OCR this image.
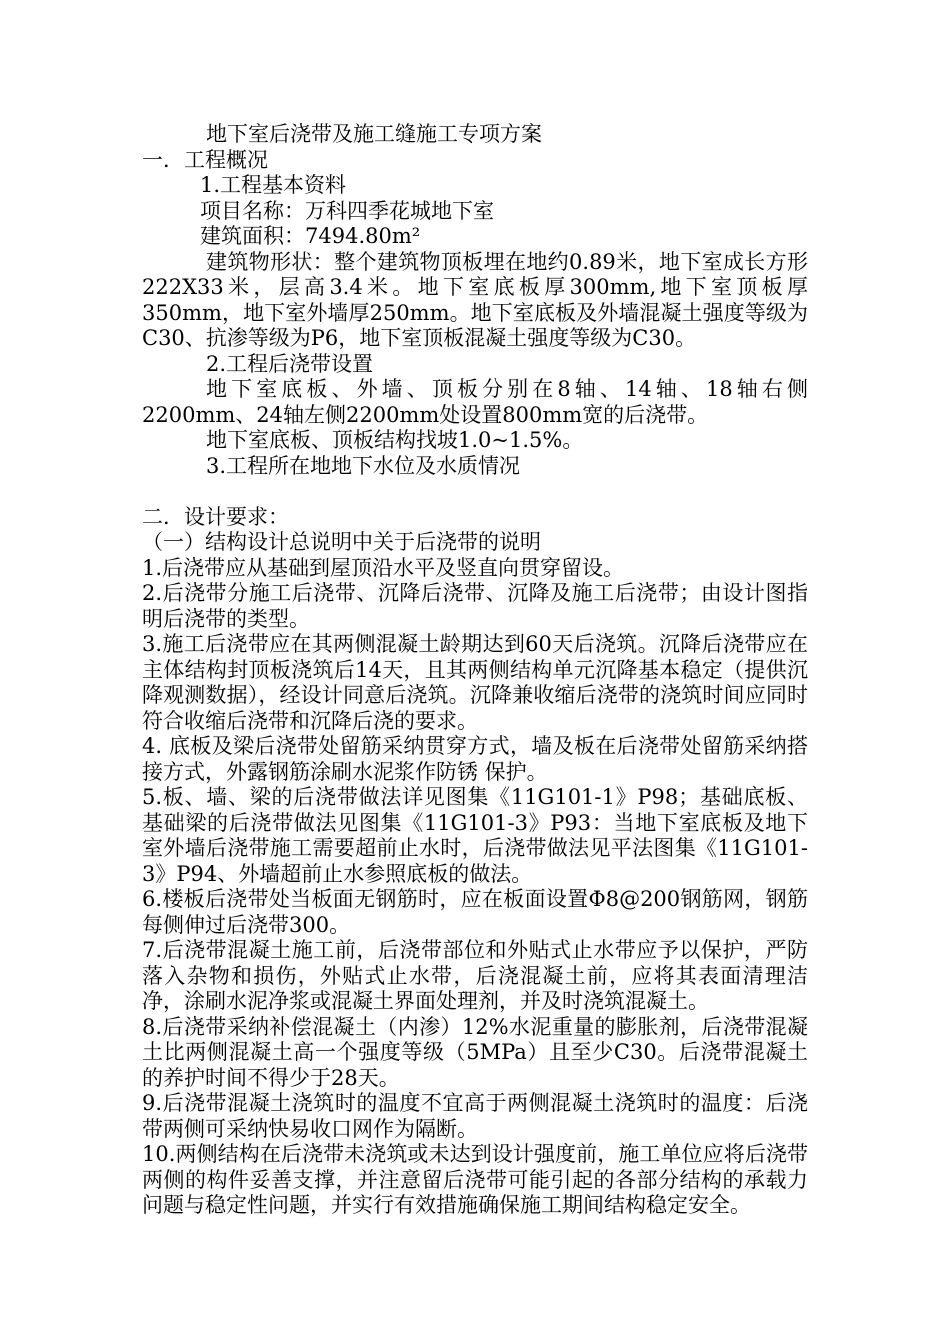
地下室后浇带及施工缝施工专项方案

一．工程概况

1.工程基本资料

项目名称：万科四季花城地下室

建筑面积：7494.80m²

建筑物形状：整个建筑物顶板埋在地约0.89米，地下室成长方形222X33米，层高3.4米。地下室底板厚300mm,地下室顶板厚350mm，地下室外墙厚250mm。地下室底板及外墙混凝土强度等级为C30、抗渗等级为P6，地下室顶板混凝土强度等级为C30。

2.工程后浇带设置

地下室底板、外墙、顶板分别在8轴、14轴、18轴右侧2200mm、24轴左侧2200mm处设置800mm宽的后浇带。

地下室底板、顶板结构找坡1.0~1.5%。

3.工程所在地地下水位及水质情况

二．设计要求：

（一）结构设计总说明中关于后浇带的说明

1.后浇带应从基础到屋顶沿水平及竖直向贯穿留设。

2.后浇带分施工后浇带、沉降后浇带、沉降及施工后浇带；由设计图指明后浇带的类型。

3.施工后浇带应在其两侧混凝土龄期达到60天后浇筑。沉降后浇带应在主体结构封顶板浇筑后14天，且其两侧结构单元沉降基本稳定（提供沉降观测数据），经设计同意后浇筑。沉降兼收缩后浇带的浇筑时间应同时符合收缩后浇带和沉降后浇的要求。

4. 底板及梁后浇带处留筋采纳贯穿方式，墙及板在后浇带处留筋采纳搭接方式，外露钢筋涂刷水泥浆作防锈 保护。

5.板、墙、梁的后浇带做法详见图集《11G101-1》P98；基础底板、基础梁的后浇带做法见图集《11G101-3》P93：当地下室底板及地下室外墙后浇带施工需要超前止水时，后浇带做法见平法图集《11G101-3》P94、外墙超前止水参照底板的做法。

6.楼板后浇带处当板面无钢筋时，应在板面设置Φ8@200钢筋网，钢筋每侧伸过后浇带300。

7.后浇带混凝土施工前，后浇带部位和外贴式止水带应予以保护，严防落入杂物和损伤，外贴式止水带，后浇混凝土前，应将其表面清理洁净，涂刷水泥净浆或混凝土界面处理剂，并及时浇筑混凝土。

8.后浇带采纳补偿混凝土（内渗）12%水泥重量的膨胀剂，后浇带混凝土比两侧混凝土高一个强度等级（5MPa）且至少C30。后浇带混凝土的养护时间不得少于28天。

9.后浇带混凝土浇筑时的温度不宜高于两侧混凝土浇筑时的温度：后浇带两侧可采纳快易收口网作为隔断。

10.两侧结构在后浇带未浇筑或未达到设计强度前，施工单位应将后浇带两侧的构件妥善支撑，并注意留后浇带可能引起的各部分结构的承载力问题与稳定性问题，并实行有效措施确保施工期间结构稳定安全。
